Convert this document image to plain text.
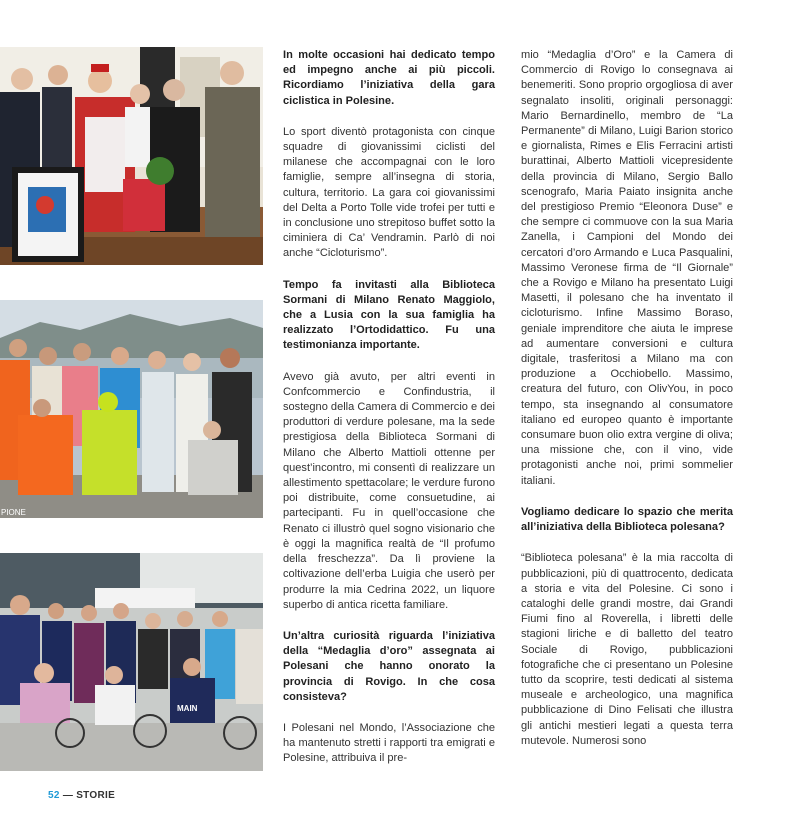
PIONE
MAIN

In molte occasioni hai dedicato tempo ed impegno anche ai più piccoli. Ricordiamo l’iniziativa della gara ciclistica in Polesine.

Lo sport diventò protagonista con cinque squadre di giovanissimi ciclisti del milanese che accompagnai con le loro famiglie, sempre all’insegna di storia, cultura, territorio. La gara coi giovanissimi del Delta a Porto Tolle vide trofei per tutti e in conclusione uno strepitoso buffet sotto la ciminiera di Ca’ Vendramin. Parlò di noi anche “Cicloturismo”.

Tempo fa invitasti alla Biblioteca Sormani di Milano Renato Maggiolo, che a Lusia con la sua famiglia ha realizzato l’Ortodidattico. Fu una testimonianza importante.

Avevo già avuto, per altri eventi in Confcommercio e Confindustria, il sostegno della Camera di Commercio e dei produttori di verdure polesane, ma la sede prestigiosa della Biblioteca Sormani di Milano che Alberto Mattioli ottenne per quest’incontro, mi consentì di realizzare un allestimento spettacolare; le verdure furono poi distribuite, come consuetudine, ai partecipanti. Fu in quell’occasione che Renato ci illustrò quel sogno visionario che è oggi la magnifica realtà de “Il profumo della freschezza”. Da lì proviene la coltivazione dell’erba Luigia che userò per produrre la mia Cedrina 2022, un liquore superbo di antica ricetta familiare.

Un’altra curiosità riguarda l’iniziativa della “Medaglia d’oro” assegnata ai Polesani che hanno onorato la provincia di Rovigo. In che cosa consisteva?

I Polesani nel Mondo, l’Associazione che ha mantenuto stretti i rapporti tra emigrati e Polesine, attribuiva il pre-

mio “Medaglia d’Oro” e la Camera di Commercio di Rovigo lo consegnava ai benemeriti. Sono proprio orgogliosa di aver segnalato insoliti, originali personaggi: Mario Bernardinello, membro de “La Permanente” di Milano, Luigi Barion storico e giornalista, Rimes e Elis Ferracini artisti burattinai, Alberto Mattioli vicepresidente della provincia di Milano, Sergio Ballo scenografo, Maria Paiato insignita anche del prestigioso Premio “Eleonora Duse” e che sempre ci commuove con la sua Maria Zanella, i Campioni del Mondo dei cercatori d’oro Armando e Luca Pasqualini, Massimo Veronese firma de “Il Giornale” che a Rovigo e Milano ha presentato Luigi Masetti, il polesano che ha inventato il cicloturismo. Infine Massimo Boraso, geniale imprenditore che aiuta le imprese ad aumentare conversioni e cultura digitale, trasferitosi a Milano ma con produzione a Occhiobello. Massimo, creatura del futuro, con OlivYou, in poco tempo, sta insegnando al consumatore italiano ed europeo quanto è importante consumare buon olio extra vergine di oliva; una missione che, con il vino, vide protagonisti anche noi, primi sommelier italiani.

Vogliamo dedicare lo spazio che merita all’iniziativa della Biblioteca polesana?

“Biblioteca polesana” è la mia raccolta di pubblicazioni, più di quattrocento, dedicata a storia e vita del Polesine. Ci sono i cataloghi delle grandi mostre, dai Grandi Fiumi fino al Roverella, i libretti delle stagioni liriche e di balletto del teatro Sociale di Rovigo, pubblicazioni fotografiche che ci presentano un Polesine tutto da scoprire, testi dedicati al sistema museale e archeologico, una magnifica pubblicazione di Dino Felisati che illustra gli antichi mestieri legati a questa terra mutevole. Numerosi sono

52 — STORIE
